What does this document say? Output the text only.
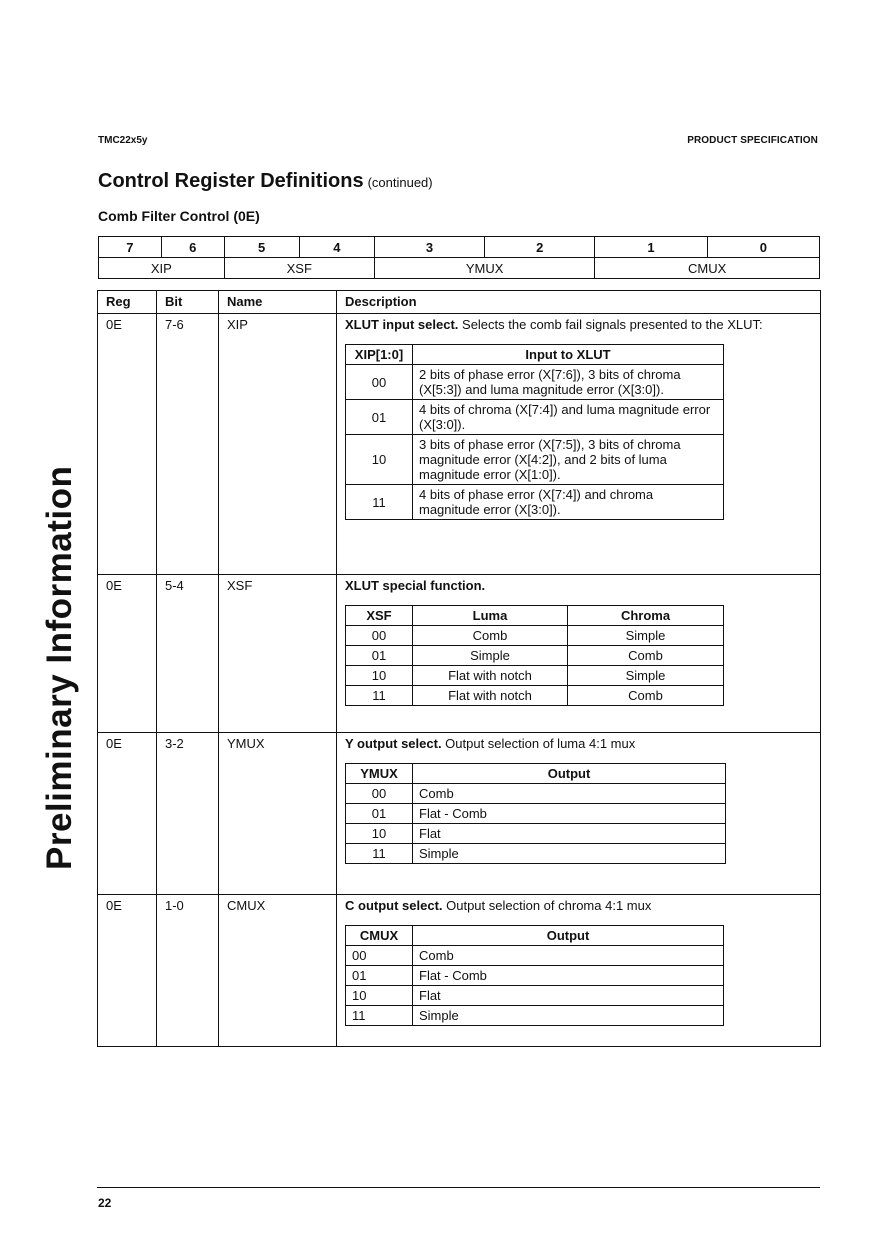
TMC22x5y	PRODUCT SPECIFICATION
Control Register Definitions (continued)
Comb Filter Control (0E)
Preliminary Information
7	6	5	4	3	2	1	0
XIP		XSF		YMUX		CMUX	
Reg	Bit	Name	Description
0E	7-6	XIP	XLUT input select. Selects the comb fail signals presented to the XLUT:
XIP[1:0]	Input to XLUT
00	2 bits of phase error (X[7:6]), 3 bits of chroma (X[5:3]) and luma magnitude error (X[3:0]).
01	4 bits of chroma (X[7:4]) and luma magnitude error (X[3:0]).
10	3 bits of phase error (X[7:5]), 3 bits of chroma magnitude error (X[4:2]), and 2 bits of luma magnitude error (X[1:0]).
11	4 bits of phase error (X[7:4]) and chroma magnitude error (X[3:0]).

0E	5-4	XSF	XLUT special function.
XSF	Luma	Chroma
00	Comb	Simple
01	Simple	Comb
10	Flat with notch	Simple
11	Flat with notch	Comb

0E	3-2	YMUX	Y output select. Output selection of luma 4:1 mux
YMUX	Output
00	Comb
01	Flat - Comb
10	Flat
11	Simple

0E	1-0	CMUX	C output select. Output selection of chroma 4:1 mux
CMUX	Output
00	Comb
01	Flat - Comb
10	Flat
11	Simple
22
